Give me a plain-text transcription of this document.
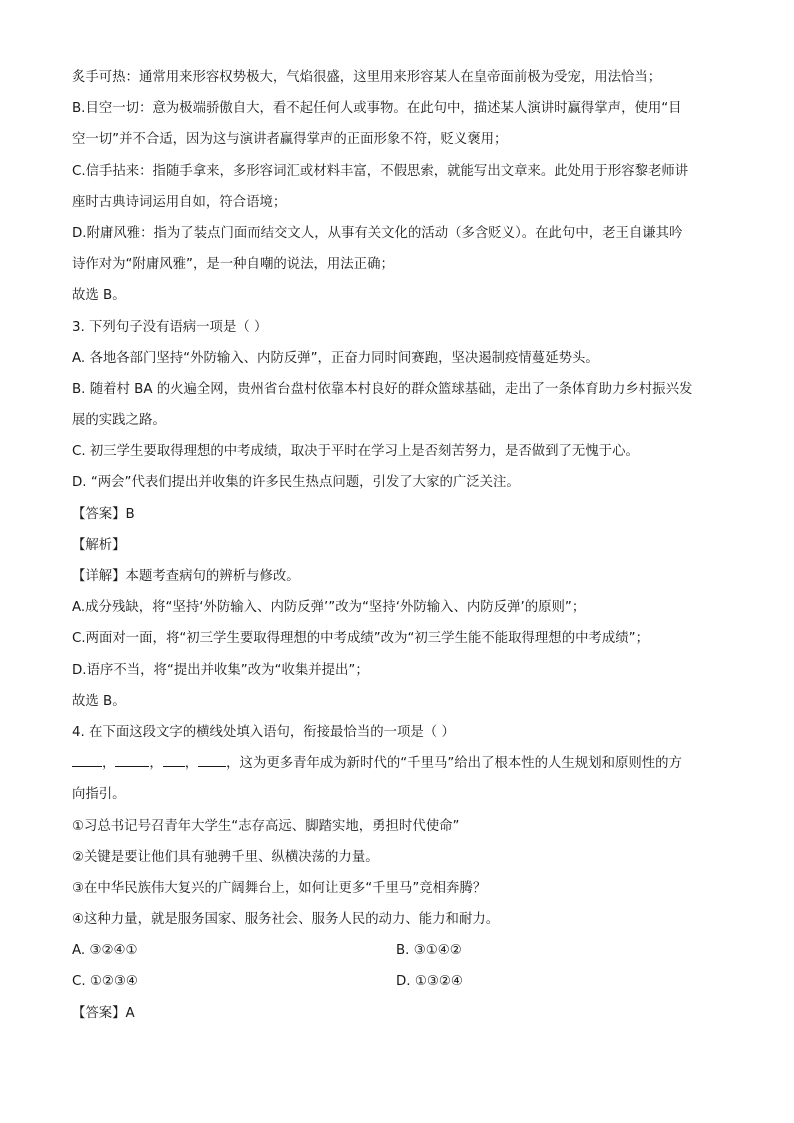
炙手可热：通常用来形容权势极大，气焰很盛，这里用来形容某人在皇帝面前极为受宠，用法恰当；
B.目空一切：意为极端骄傲自大，看不起任何人或事物。在此句中，描述某人演讲时赢得掌声，使用“目
空一切”并不合适，因为这与演讲者赢得掌声的正面形象不符，贬义褒用；
C.信手拈来：指随手拿来，多形容词汇或材料丰富，不假思索，就能写出文章来。此处用于形容黎老师讲
座时古典诗词运用自如，符合语境；
D.附庸风雅：指为了装点门面而结交文人，从事有关文化的活动（多含贬义）。在此句中，老王自谦其吟
诗作对为“附庸风雅”，是一种自嘲的说法，用法正确；
故选 B。
3. 下列句子没有语病一项是（ ）
A. 各地各部门坚持“外防输入、内防反弹”，正奋力同时间赛跑，坚决遏制疫情蔓延势头。
B. 随着村 BA 的火遍全网，贵州省台盘村依靠本村良好的群众篮球基础，走出了一条体育助力乡村振兴发
展的实践之路。
C. 初三学生要取得理想的中考成绩，取决于平时在学习上是否刻苦努力，是否做到了无愧于心。
D. “两会”代表们提出并收集的许多民生热点问题，引发了大家的广泛关注。
【答案】B
【解析】
【详解】本题考查病句的辨析与修改。
A.成分残缺，将“坚持‘外防输入、内防反弹’”改为“坚持‘外防输入、内防反弹’的原则”；
C.两面对一面，将“初三学生要取得理想的中考成绩”改为“初三学生能不能取得理想的中考成绩”；
D.语序不当，将“提出并收集”改为“收集并提出”；
故选 B。
4. 在下面这段文字的横线处填入语句，衔接最恰当的一项是（ ）
，	， ， ，这为更多青年成为新时代的“千里马”给出了根本性的人生规划和原则性的方
向指引。
①习总书记号召青年大学生“志存高远、脚踏实地，勇担时代使命”
②关键是要让他们具有驰骋千里、纵横决荡的力量。
③在中华民族伟大复兴的广阔舞台上，如何让更多“千里马”竞相奔腾？
④这种力量，就是服务国家、服务社会、服务人民的动力、能力和耐力。
A. ③②④①	B. ③①④②
C. ①②③④	D. ①③②④
【答案】A
